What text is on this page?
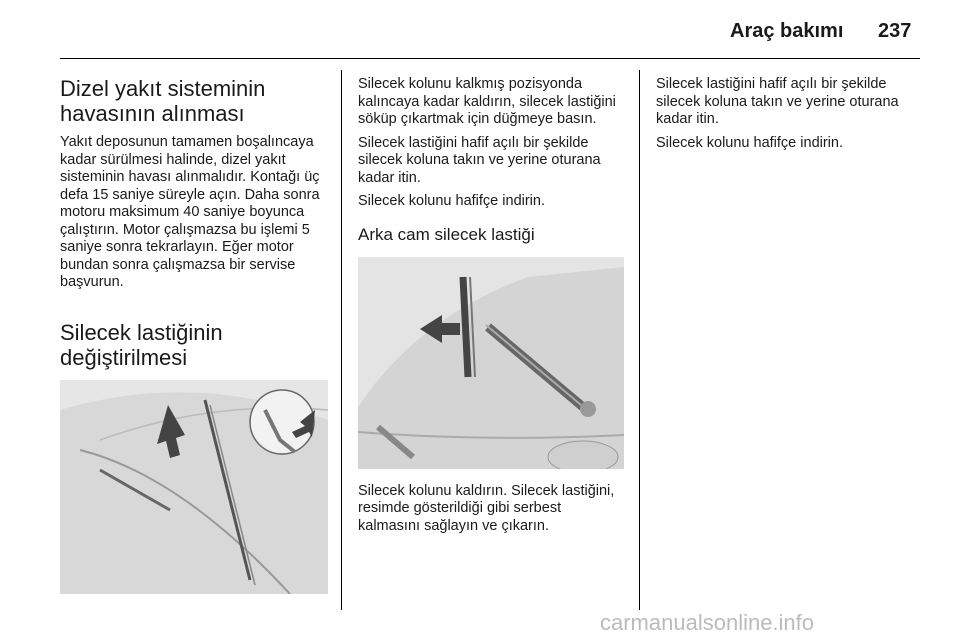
Araç bakımı 237
Dizel yakıt sisteminin havasının alınması

Yakıt deposunun tamamen boşalıncaya kadar sürülmesi halinde, dizel yakıt sisteminin havası alınmalıdır. Kontağı üç defa 15 saniye süreyle açın. Daha sonra motoru maksimum 40 saniye boyunca çalıştırın. Motor çalışmazsa bu işlemi 5 saniye sonra tekrarlayın. Eğer motor bundan sonra çalışmazsa bir servise başvurun.

Silecek lastiğinin değiştirilmesi

Silecek kolunu kalkmış pozisyonda kalıncaya kadar kaldırın, silecek lastiğini söküp çıkartmak için düğmeye basın.

Silecek lastiğini hafif açılı bir şekilde silecek koluna takın ve yerine oturana kadar itin.

Silecek kolunu hafifçe indirin.

Arka cam silecek lastiği

Silecek kolunu kaldırın. Silecek lastiğini, resimde gösterildiği gibi serbest kalmasını sağlayın ve çıkarın.

Silecek lastiğini hafif açılı bir şekilde silecek koluna takın ve yerine oturana kadar itin.

Silecek kolunu hafifçe indirin.

carmanualsonline.info
